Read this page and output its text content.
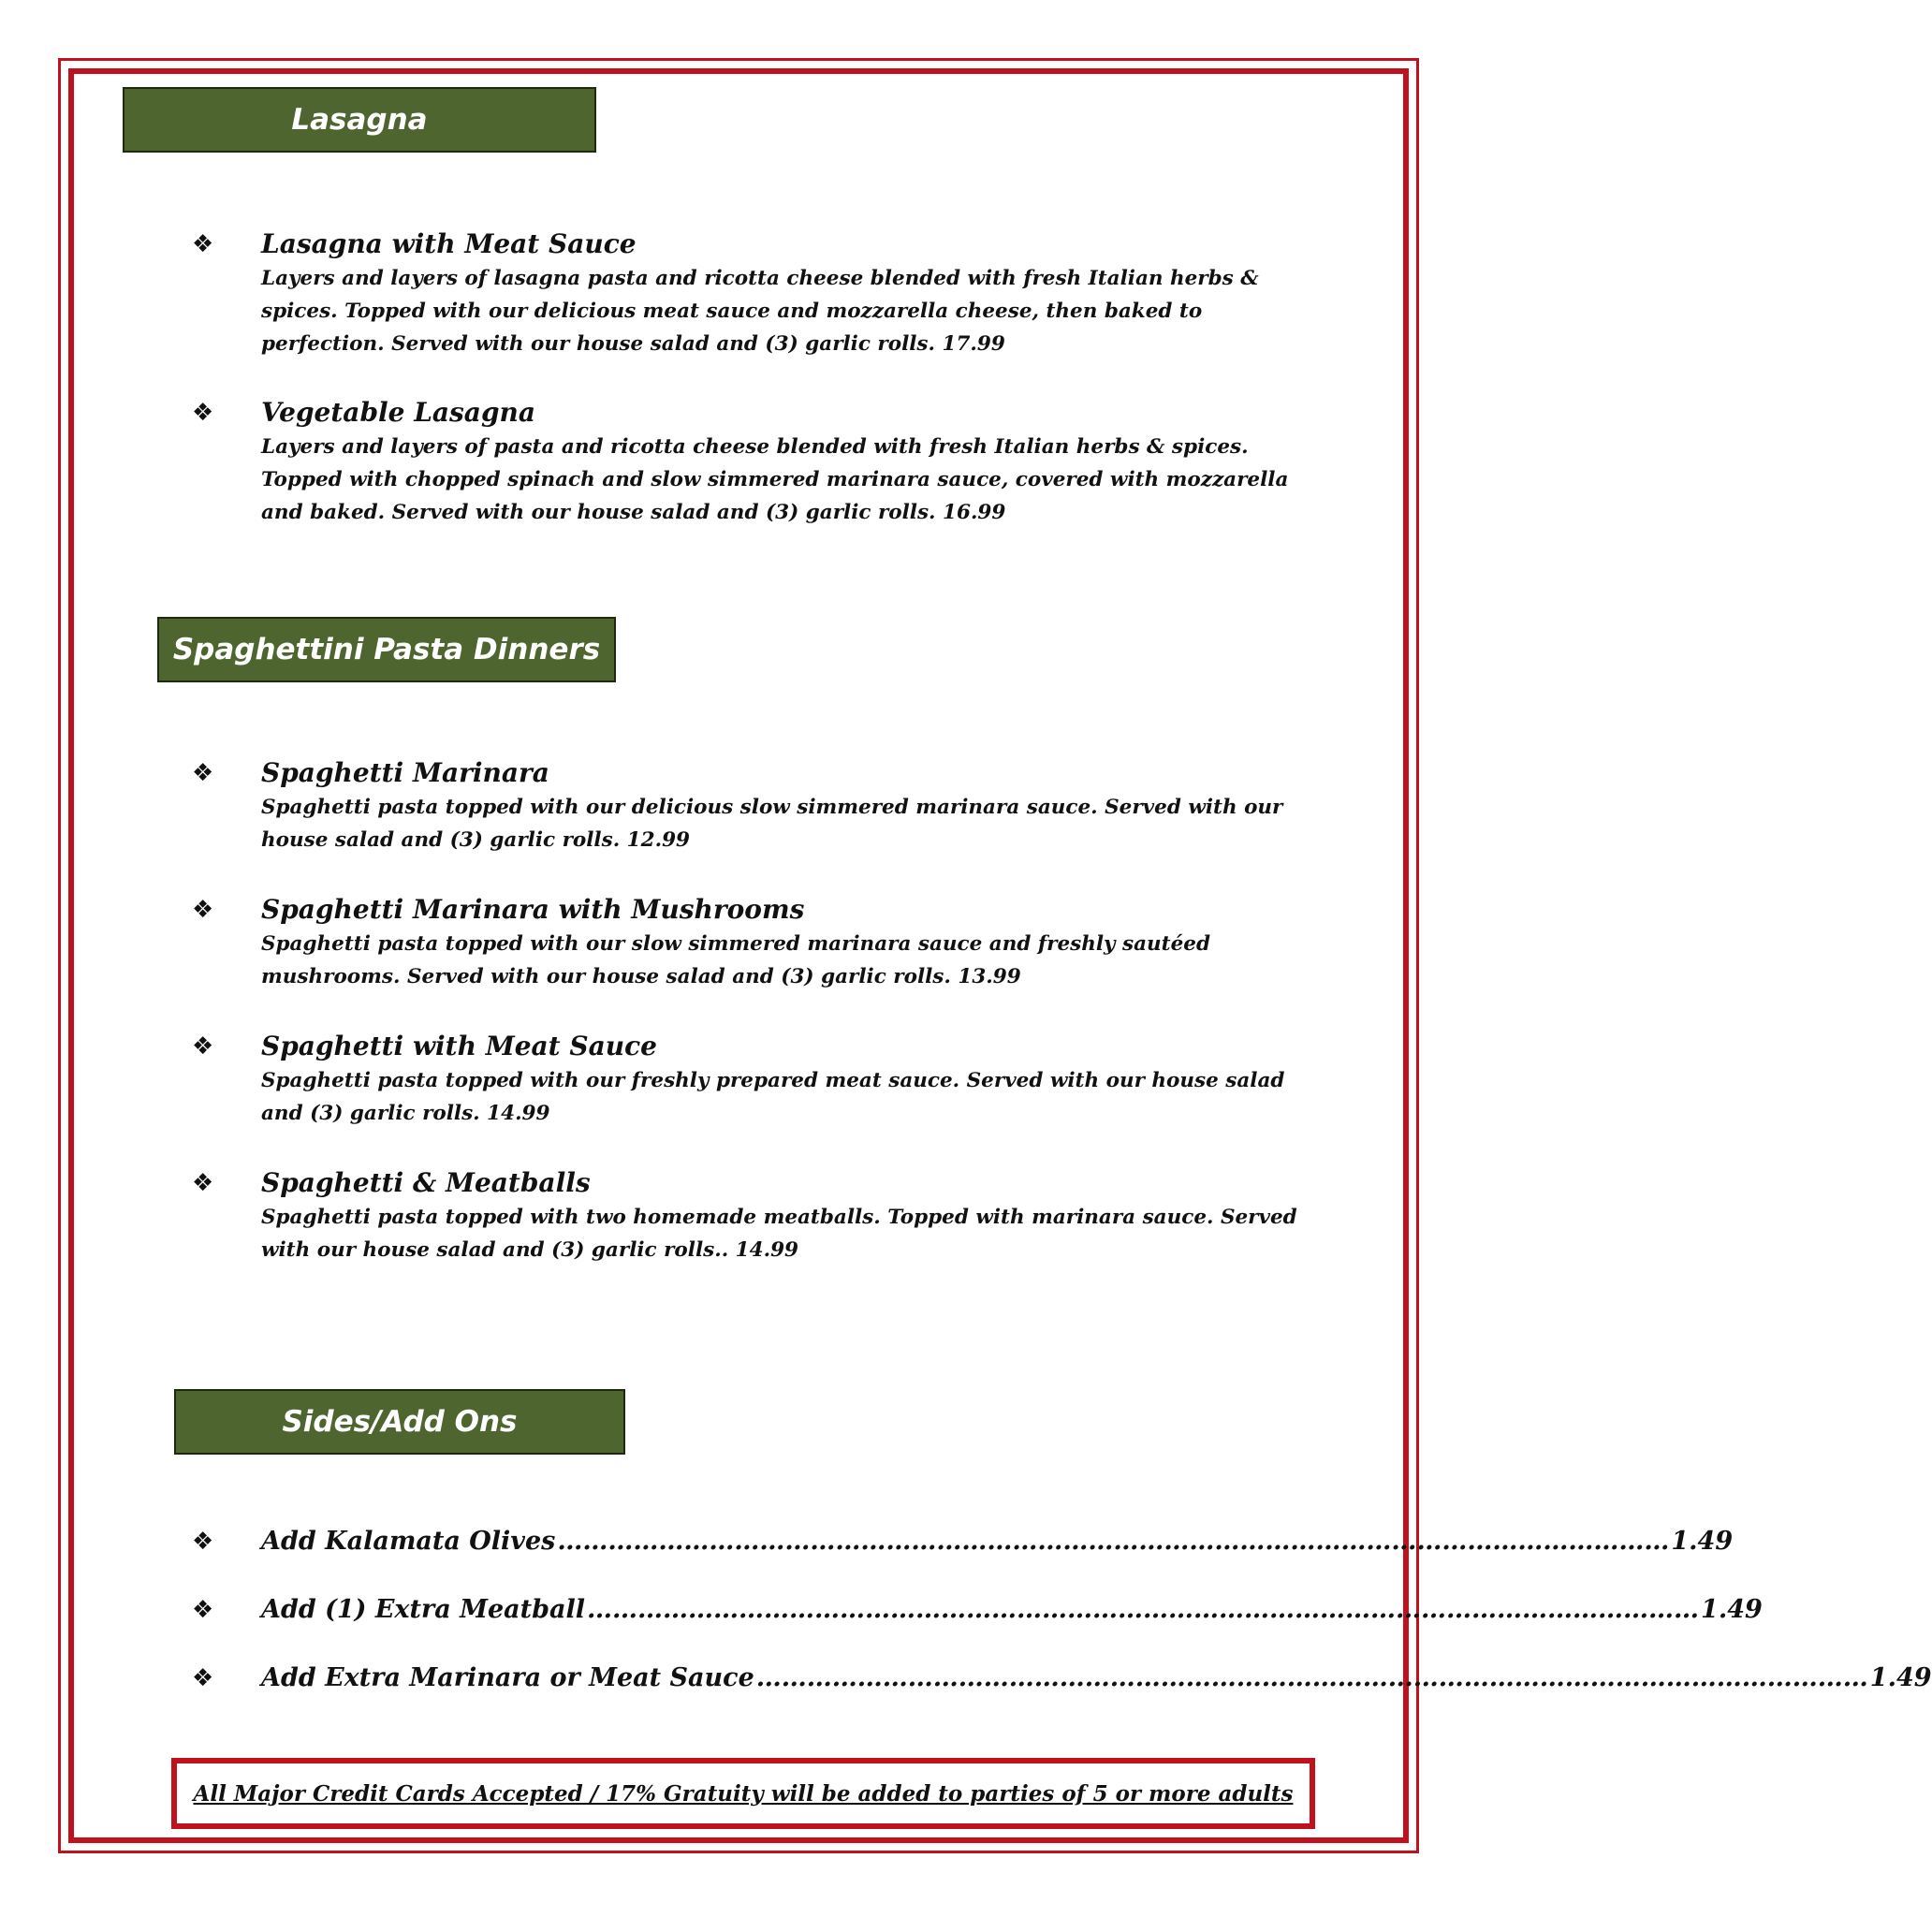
Lasagna
❖ Lasagna with Meat Sauce
Layers and layers of lasagna pasta and ricotta cheese blended with fresh Italian herbs & spices. Topped with our delicious meat sauce and mozzarella cheese, then baked to perfection. Served with our house salad and (3) garlic rolls. 17.99
❖ Vegetable Lasagna
Layers and layers of pasta and ricotta cheese blended with fresh Italian herbs & spices. Topped with chopped spinach and slow simmered marinara sauce, covered with mozzarella and baked. Served with our house salad and (3) garlic rolls. 16.99
Spaghettini Pasta Dinners
❖ Spaghetti Marinara
Spaghetti pasta topped with our delicious slow simmered marinara sauce. Served with our house salad and (3) garlic rolls. 12.99
❖ Spaghetti Marinara with Mushrooms
Spaghetti pasta topped with our slow simmered marinara sauce and freshly sautéed mushrooms. Served with our house salad and (3) garlic rolls. 13.99
❖ Spaghetti with Meat Sauce
Spaghetti pasta topped with our freshly prepared meat sauce. Served with our house salad and (3) garlic rolls. 14.99
❖ Spaghetti & Meatballs
Spaghetti pasta topped with two homemade meatballs. Topped with marinara sauce. Served with our house salad and (3) garlic rolls.. 14.99
Sides/Add Ons
❖ Add Kalamata Olives …………………………………………………………………………………………………………………… 1.49
❖ Add (1) Extra Meatball …………………………………………………………………………………………………………………… 1.49
❖ Add Extra Marinara or Meat Sauce …………………………………………………………………………………………………………………… 1.49
All Major Credit Cards Accepted / 17% Gratuity will be added to parties of 5 or more adults
